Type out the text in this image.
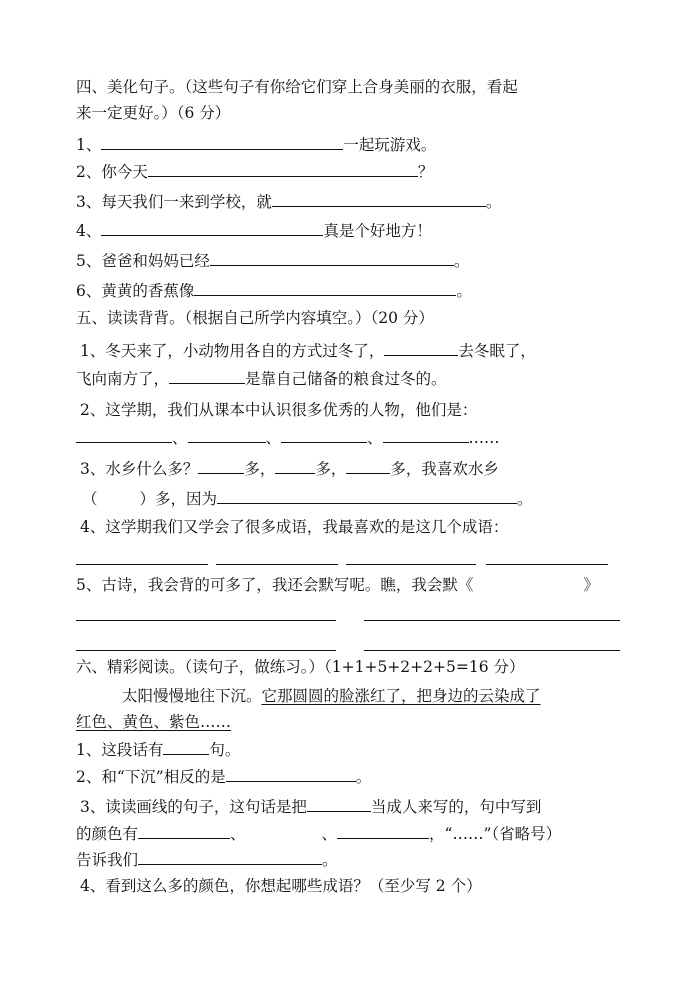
四、美化句子。（这些句子有你给它们穿上合身美丽的衣服，看起
来一定更好。）（6 分）
1、	一起玩游戏。
2、你今天	？
3、每天我们一来到学校，就	。
4、	真是个好地方！
5、爸爸和妈妈已经	。
6、黄黄的香蕉像	。
五、读读背背。（根据自己所学内容填空。）（20 分）
1、冬天来了，小动物用各自的方式过冬了，	去冬眠了，
飞向南方了，	是靠自己储备的粮食过冬的。
2、这学期，我们从课本中认识很多优秀的人物，他们是：
、	、	、	……
3、水乡什么多？	多，	多，	多，我喜欢水乡
（	）多，因为	。
4、这学期我们又学会了很多成语，我最喜欢的是这几个成语：
5、古诗，我会背的可多了，我还会默写呢。瞧，我会默《	》
六、精彩阅读。（读句子，做练习。）（1+1+5+2+2+5=16 分）
太阳慢慢地往下沉。它那圆圆的脸涨红了，把身边的云染成了
红色、黄色、紫色……
1、这段话有	句。
2、和“下沉”相反的是	。
3、读读画线的句子，这句话是把	当成人来写的，句中写到
的颜色有	、	、	，“……”（省略号）
告诉我们	。
4、看到这么多的颜色，你想起哪些成语？（至少写 2 个）
